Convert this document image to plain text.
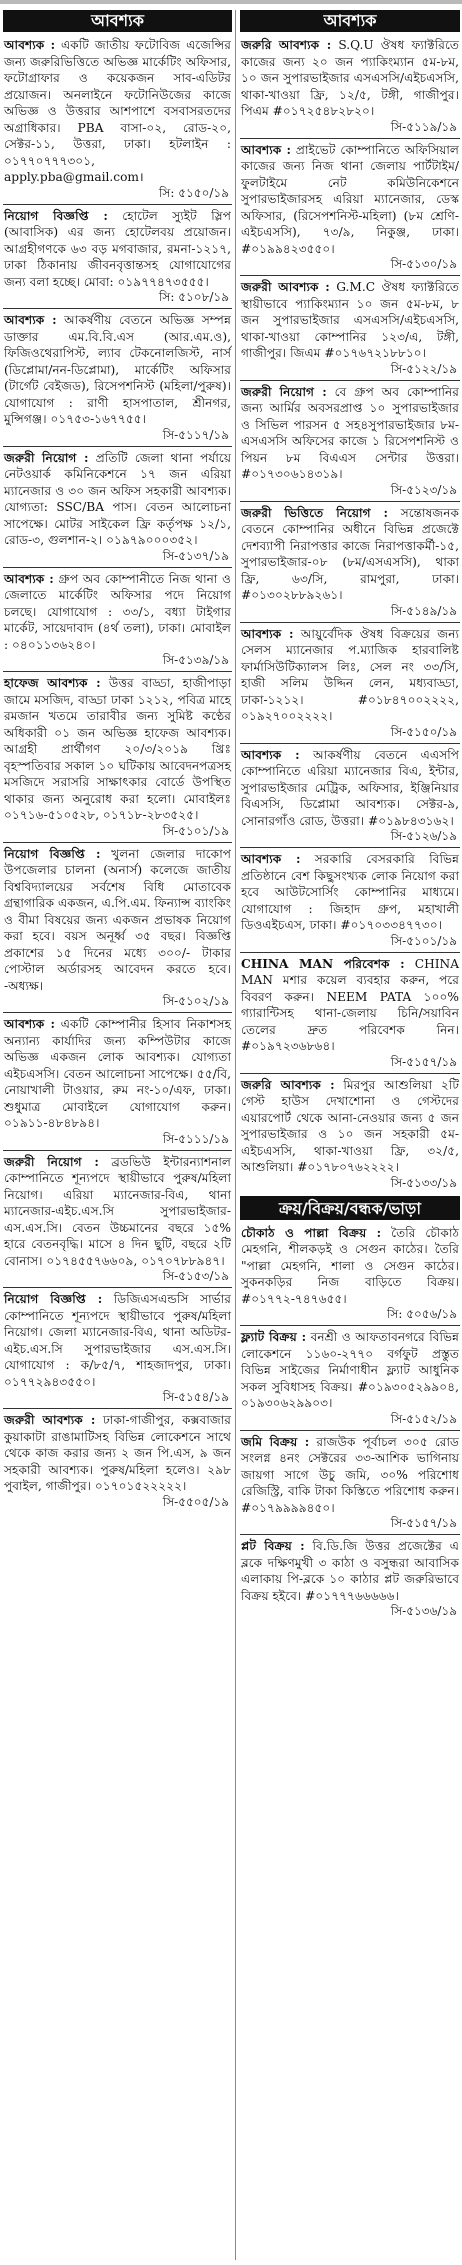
আবশ্যক

আবশ্যক : একটি জাতীয় ফটোবিজ এজেন্সির জন্য জরুরিভিত্তিতে অভিজ্ঞ মার্কেটিং অফিসার, ফটোগ্রাফার ও কয়েকজন সাব-এডিটর প্রয়োজন। অনলাইনে ফটোনিউজের কাজে অভিজ্ঞ ও উত্তরার আশপাশে বসবাসরতদের অগ্রাধিকার। PBA বাসা-০২, রোড-২০, সেক্টর-১১, উত্তরা, ঢাকা। হটলাইন : ০১৭৭০৭৭৭৩০১, apply.pba@gmail.com।

সি: ৫১৫০/১৯

নিয়োগ বিজ্ঞপ্তি : হোটেল স্যুইট স্লিপ (আবাসিক) এর জন্য হোটেলবয় প্রয়োজন। আগ্রহীগণকে ৬৩ বড় মগবাজার, রমনা-১২১৭, ঢাকা ঠিকানায় জীবনবৃত্তান্তসহ যোগাযোগের জন্য বলা হচ্ছে। মোবা: ০১৯৭৭৪৭৩৫৫৫।

সি: ৫১০৮/১৯

আবশ্যক : আকর্ষণীয় বেতনে অভিজ্ঞ সম্পন্ন ডাক্তার এম.বি.বি.এস (আর.এম.ও), ফিজিওথেরাপিস্ট, ল্যাব টেকনোলজিস্ট, নার্স (ডিপ্লোমা/নন-ডিপ্লোমা), মার্কেটিং অফিসার (টার্গেট বেইজড), রিসেপশনিস্ট (মহিলা/পুরুষ)। যোগাযোগ : রাণী হাসপাতাল, শ্রীনগর, মুন্সিগঞ্জ। ০১৭৫৩-১৬৭৭৫৫।

সি-৫১১৭/১৯

জরুরী নিয়োগ : প্রতিটি জেলা থানা পর্যায়ে নেটওয়ার্ক কমিনিকেশনে ১৭ জন এরিয়া ম্যানেজার ও ৩০ জন অফিস সহকারী আবশ্যক। যোগ্যতা: SSC/BA পাস। বেতন আলোচনা সাপেক্ষে। মোটর সাইকেল ফ্রি কর্তৃপক্ষ ১২/১, রোড-৩, গুলশান-২। ০১৯৭৯০০০৩৫২।

সি-৫১৩৭/১৯

আবশ্যক : গ্রুপ অব কোম্পানীতে নিজ থানা ও জেলাতে মার্কেটিং অফিসার পদে নিয়োগ চলছে। যোগাযোগ : ৩৩/১, বধ্যা টাইগার মার্কেট, সায়েদাবাদ (৪র্থ তলা), ঢাকা। মোবাইল : ০৪০১১৩৬২৪০।

সি-৫১৩৯/১৯

হাফেজ আবশ্যক : উত্তর বাড্ডা, হাজীপাড়া জামে মসজিদ, বাড্ডা ঢাকা ১২১২, পবিত্র মাহে রমজান খতমে তারাবীর জন্য সুমিষ্ট কণ্ঠের অধিকারী ০১ জন অভিজ্ঞ হাফেজ আবশ্যক। আগ্রহী প্রার্থীগণ ২০/৩/২০১৯ খ্রিঃ বৃহস্পতিবার সকাল ১০ ঘটিকায় আবেদনপত্রসহ মসজিদে সরাসরি সাক্ষাৎকার বোর্ডে উপস্থিত থাকার জন্য অনুরোধ করা হলো। মোবাইলঃ ০১৭১৬-৫১০৫২৮, ০১৭১৮-২৮৩৫২৫।

সি-৫১০১/১৯

নিয়োগ বিজ্ঞপ্তি : খুলনা জেলার দাকোপ উপজেলার চালনা (অনার্স) কলেজে জাতীয় বিশ্ববিদ্যালয়ের সর্বশেষ বিধি মোতাবেক গ্রন্থাগারিক একজন, এ.পি.এম. ফিন্যান্স ব্যাংকিং ও বীমা বিষয়ের জন্য একজন প্রভাষক নিয়োগ করা হবে। বয়স অনূর্ধ্ব ৩৫ বছর। বিজ্ঞপ্তি প্রকাশের ১৫ দিনের মধ্যে ৩০০/- টাকার পোস্টাল অর্ডারসহ আবেদন করতে হবে। -অধ্যক্ষ।

সি-৫১০২/১৯

আবশ্যক : একটি কোম্পানীর হিসাব নিকাশসহ অন্যান্য কার্যাদির জন্য কম্পিউটার কাজে অভিজ্ঞ একজন লোক আবশ্যক। যোগ্যতা এইচএসসি। বেতন আলোচনা সাপেক্ষে। ৫৫/বি, নোয়াখালী টাওয়ার, রুম নং-১০/এফ, ঢাকা। শুধুমাত্র মোবাইলে যোগাযোগ করুন। ০১৯১১-৪৮৪৮৯৪।

সি-৫১১১/১৯

জরুরী নিয়োগ : ব্রডভিউ ইন্টারন্যাশনাল কোম্পানিতে শূন্যপদে স্থায়ীভাবে পুরুষ/মহিলা নিয়োগ। এরিয়া ম্যানেজার-বিএ, থানা ম্যানেজার-এইচ.এস.সি সুপারভাইজার-এস.এস.সি। বেতন উচ্চমানের বছরে ১৫% হারে বেতনবৃদ্ধি। মাসে ৪ দিন ছুটি, বছরে ২টি বোনাস। ০১৭৪৫৫৭৬৬০৯, ০১৭০৭৮৮৯৪৭।

সি-৫১৫৩/১৯

নিয়োগ বিজ্ঞপ্তি : ডিজিএসএন্ডসি সার্ভার কোম্পানিতে শূন্যপদে স্থায়ীভাবে পুরুষ/মহিলা নিয়োগ। জেলা ম্যানেজার-বিএ, থানা অডিটর-এইচ.এস.সি সুপারভাইজার এস.এস.সি। যোগাযোগ : ক/৮৫/৭, শাহজাদপুর, ঢাকা। ০১৭৭২৯৪৩৫৫০।

সি-৫১৫৪/১৯

জরুরী আবশ্যক : ঢাকা-গাজীপুর, কক্সবাজার কুয়াকাটা রাঙামাটিসহ বিভিন্ন লোকেশনে সাথে থেকে কাজ করার জন্য ২ জন পি.এস, ৯ জন সহকারী আবশ্যক। পুরুষ/মহিলা হলেও। ২৯৮ পুবাইল, গাজীপুর। ০১৭০১৫২২২২২।

সি-৫৫০৫/১৯
আবশ্যক

জরুরি আবশ্যক : S.Q.U ঔষধ ফ্যাক্টরিতে কাজের জন্য ২০ জন প্যাকিংম্যান ৫ম-৮ম, ১০ জন সুপারভাইজার এসএসসি/এইচএসসি, থাকা-খাওয়া ফ্রি, ১২/৫, টঙ্গী, গাজীপুর। পিএম #০১৭২৫৪৮২৮২০।

সি-৫১১৯/১৯

আবশ্যক : প্রাইভেট কোম্পানিতে অফিসিয়াল কাজের জন্য নিজ থানা জেলায় পার্টটাইম/ফুলটাইমে নেট কমিউনিকেশনে সুপারভাইজারসহ এরিয়া ম্যানেজার, ডেস্ক অফিসার, (রিসেপশনিস্ট-মহিলা) (৮ম শ্রেণি-এইচএসসি), ৭৩/৯, নিকুঞ্জ, ঢাকা। #০১৯৯৪২৩৫৫০।

সি-৫১৩০/১৯

জরুরী আবশ্যক : G.M.C ঔষধ ফ্যাক্টরিতে স্থায়ীভাবে প্যাকিংম্যান ১০ জন ৫ম-৮ম, ৮ জন সুপারভাইজার এসএসসি/এইচএসসি, থাকা-খাওয়া কোম্পানির ১২৩/এ, টঙ্গী, গাজীপুর। জিএম #০১৭৬৭২১৮৮১০।

সি-৫১২২/১৯

জরুরী নিয়োগ : বে গ্রুপ অব কোম্পানির জন্য আর্মির অবসরপ্রাপ্ত ১০ সুপারভাইজার ও সিভিল পারসন ৫ সহ৪সুপারভাইজার ৮ম-এসএসসি অফিসের কাজে ১ রিসেপশনিস্ট ও পিয়ন ৮ম বিএএস সেন্টার উত্তরা। #০১৭৩০৬১৪৩১৯।

সি-৫১২৩/১৯

জরুরী ভিত্তিতে নিয়োগ : সন্তোষজনক বেতনে কোম্পানির অধীনে বিভিন্ন প্রজেক্টে দেশব্যাপী নিরাপত্তার কাজে নিরাপত্তাকর্মী-১৫, সুপারভাইজার-০৮ (৮ম/এসএসসি), থাকা ফ্রি, ৬৩/সি, রামপুরা, ঢাকা। #০১৩০২৮৮৯২৬১।

সি-৫১৪৯/১৯

আবশ্যক : আয়ুর্বেদিক ঔষধ বিক্রয়ের জন্য সেলস ম্যানেজার প.ম্যাজিক হারবালিষ্ট ফার্মাসিউটিক্যালস লিঃ, সেল নং ৩৩/সি, হাজী সলিম উদ্দিন লেন, মধ্যবাড্ডা, ঢাকা-১২১২। #০১৮৪৭০০২২২২, ০১৯২৭০০২২২২।

সি-৫১৫০/১৯

আবশ্যক : আকর্ষণীয় বেতনে এএসপি কোম্পানিতে এরিয়া ম্যানেজার বিএ, ইন্টার, সুপারভাইজার মেট্রিক, অফিসার, ইঞ্জিনিয়ার বিএসসি, ডিপ্লোমা আবশ্যক। সেক্টর-৯, সোনারগাঁও রোড, উত্তরা। #০১৯৮৪৩১৬২।

সি-৫১২৬/১৯

আবশ্যক : সরকারি বেসরকারি বিভিন্ন প্রতিষ্ঠানে বেশ কিছুসংখ্যক লোক নিয়োগ করা হবে আউটসোর্সিং কোম্পানির মাধ্যমে। যোগাযোগ : জিহাদ গ্রুপ, মহাখালী ডিওএইচএস, ঢাকা। #০১৭০৩৩৪৭৭৩০।

সি-৫১০১/১৯

CHINA MAN পরিবেশক : CHINA MAN মশার কয়েল ব্যবহার করুন, পরে বিবরণ করুন। NEEM PATA ১০০% গ্যারান্টিসহ থানা-জেলায় চিনি/সয়াবিন তেলের দ্রুত পরিবেশক নিন। #০১৯৭২৩৬৮৬৪।

সি-৫১৫৭/১৯

জরুরি আবশ্যক : মিরপুর আশুলিয়া ২টি গেস্ট হাউস দেখাশোনা ও গেস্টদের এয়ারপোর্ট থেকে আনা-নেওয়ার জন্য ৫ জন সুপারভাইজার ও ১০ জন সহকারী ৫ম-এইচএসসি, থাকা-খাওয়া ফ্রি, ৩২/৫, আশুলিয়া। #০১৭৮০৭৬২২২২।

সি-৫১৩৩/১৯
ক্রয়/বিক্রয়/বন্ধক/ভাড়া

চৌকাঠ ও পাল্লা বিক্রয় : তৈরি চৌকাঠ মেহগনি, শীলকড়ই ও সেগুন কাঠের। তৈরি "পাল্লা মেহগনি, শালা ও সেগুন কাঠের। সুকনকড়ির নিজ বাড়িতে বিক্রয়। #০১৭৭২-৭৪৭৬৫৫।

সি: ৫০৫৬/১৯

ফ্ল্যাট বিক্রয় : বনশ্রী ও আফতাবনগরে বিভিন্ন লোকেশনে ১১৬০-২৭৭০ বর্গফুট প্রস্তুত বিভিন্ন সাইজের নির্মাণাধীন ফ্ল্যাট আধুনিক সকল সুবিধাসহ বিক্রয়। #০১৯৩০৫২৯৯০৪, ০১৯৩০৬২৯৯০৩।

সি-৫১৫২/১৯

জমি বিক্রয় : রাজউক পূর্বাচল ৩০৫ রোড সংলগ্ন ৪নং সেক্টরের ৩৩-আশিক ভাগিনায় জায়গা সাগে উচু জমি, ৩০% পরিশোধ রেজিস্ট্রি, বাকি টাকা কিস্তিতে পরিশোধ করুন। #০১৭৯৯৯৯৪৫০।

সি-৫১৫৭/১৯

প্লট বিক্রয় : বি.ডি.জি উত্তর প্রজেক্টের এ ব্লকে দক্ষিণমুখী ৩ কাঠা ও বসুন্ধরা আবাসিক এলাকায় পি-ব্লকে ১০ কাঠার প্লট জরুরিভাবে বিক্রয় হইবে। #০১৭৭৭৬৬৬৬৬।

সি-৫১৩৬/১৯
